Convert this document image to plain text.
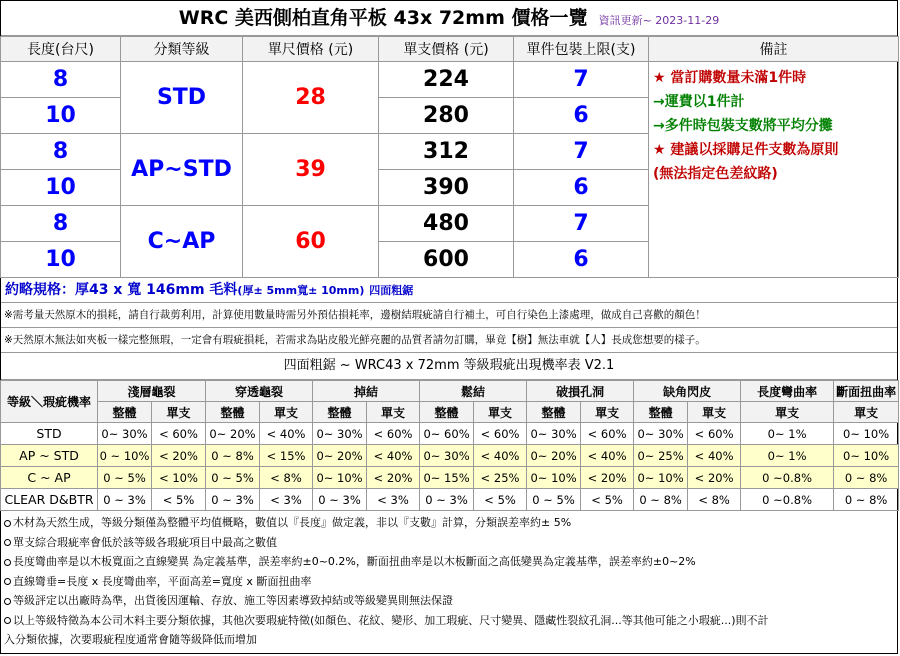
WRC 美西側柏直角平板 43x 72mm 價格一覽 資訊更新~ 2023-11-29
長度(台尺)	分類等級	單尺價格 (元)	單支價格 (元)	單件包裝上限(支)	備註
8	STD	28	224	7	★ 當訂購數量未滿1件時
→運費以1件計
→多件時包裝支數將平均分攤
★ 建議以採購足件支數為原則
(無法指定色差紋路)

10			280	6	
8	AP~STD	39	312	7	
10			390	6	
8	C~AP	60	480	7	
10			600	6	
約略規格：厚43 x 寬 146mm 毛料(厚± 5mm寬± 10mm) 四面粗鋸
※需考量天然原木的損耗，請自行裁剪利用，計算使用數量時需另外預估損耗率，邊樹結瑕疵請自行補土，可自行染色上漆處理，做成自己喜歡的顏色！
※天然原木無法如夾板一樣完整無瑕，一定會有瑕疵損耗，若需求為貼皮般光鮮亮麗的品質者請勿訂購，畢竟【樹】無法車就【人】長成您想要的樣子。
四面粗鋸 ~ WRC43 x 72mm 等級瑕疵出現機率表 V2.1
等級＼瑕疵機率	淺層龜裂		穿透龜裂		掉結		鬆結		破損孔洞		缺角閃皮		長度彎曲率	斷面扭曲率
	整體	單支	整體	單支	整體	單支	整體	單支	整體	單支	整體	單支	單支	單支
STD	0~ 30%	< 60%	0~ 20%	< 40%	0~ 30%	< 60%	0~ 60%	< 60%	0~ 30%	< 60%	0~ 30%	< 60%	0~ 1%	0~ 10%
AP ~ STD	0 ~ 10%	< 20%	0 ~ 8%	< 15%	0~ 20%	< 40%	0~ 30%	< 40%	0~ 20%	< 40%	0~ 25%	< 40%	0~ 1%	0~ 10%
C ~ AP	0 ~ 5%	< 10%	0 ~ 5%	< 8%	0~ 10%	< 20%	0~ 15%	< 25%	0~ 10%	< 20%	0~ 10%	< 20%	0 ~0.8%	0 ~ 8%
CLEAR D&BTR	0 ~ 3%	< 5%	0 ~ 3%	< 3%	0 ~ 3%	< 3%	0 ~ 3%	< 5%	0 ~ 5%	< 5%	0 ~ 8%	< 8%	0 ~0.8%	0 ~ 8%
木材為天然生成，等級分類僅為整體平均值概略，數值以『長度』做定義，非以『支數』計算，分類誤差率約± 5%
單支綜合瑕疵率會低於該等級各瑕疵項目中最高之數值
長度彎曲率是以木板寬面之直線變異 為定義基準，誤差率約±0~0.2%，斷面扭曲率是以木板斷面之高低變異為定義基準，誤差率約±0~2%
直線彎垂=長度 x 長度彎曲率，平面高差=寬度 x 斷面扭曲率
等級評定以出廠時為準，出貨後因運輸、存放、施工等因素導致掉結或等級變異則無法保證
以上等級特徵為本公司木料主要分類依據，其他次要瑕疵特徵(如顏色、花紋、變形、加工瑕疵、尺寸變異、隱藏性裂紋孔洞...等其他可能之小瑕疵...)則不計
入分類依據，次要瑕疵程度通常會隨等級降低而增加
